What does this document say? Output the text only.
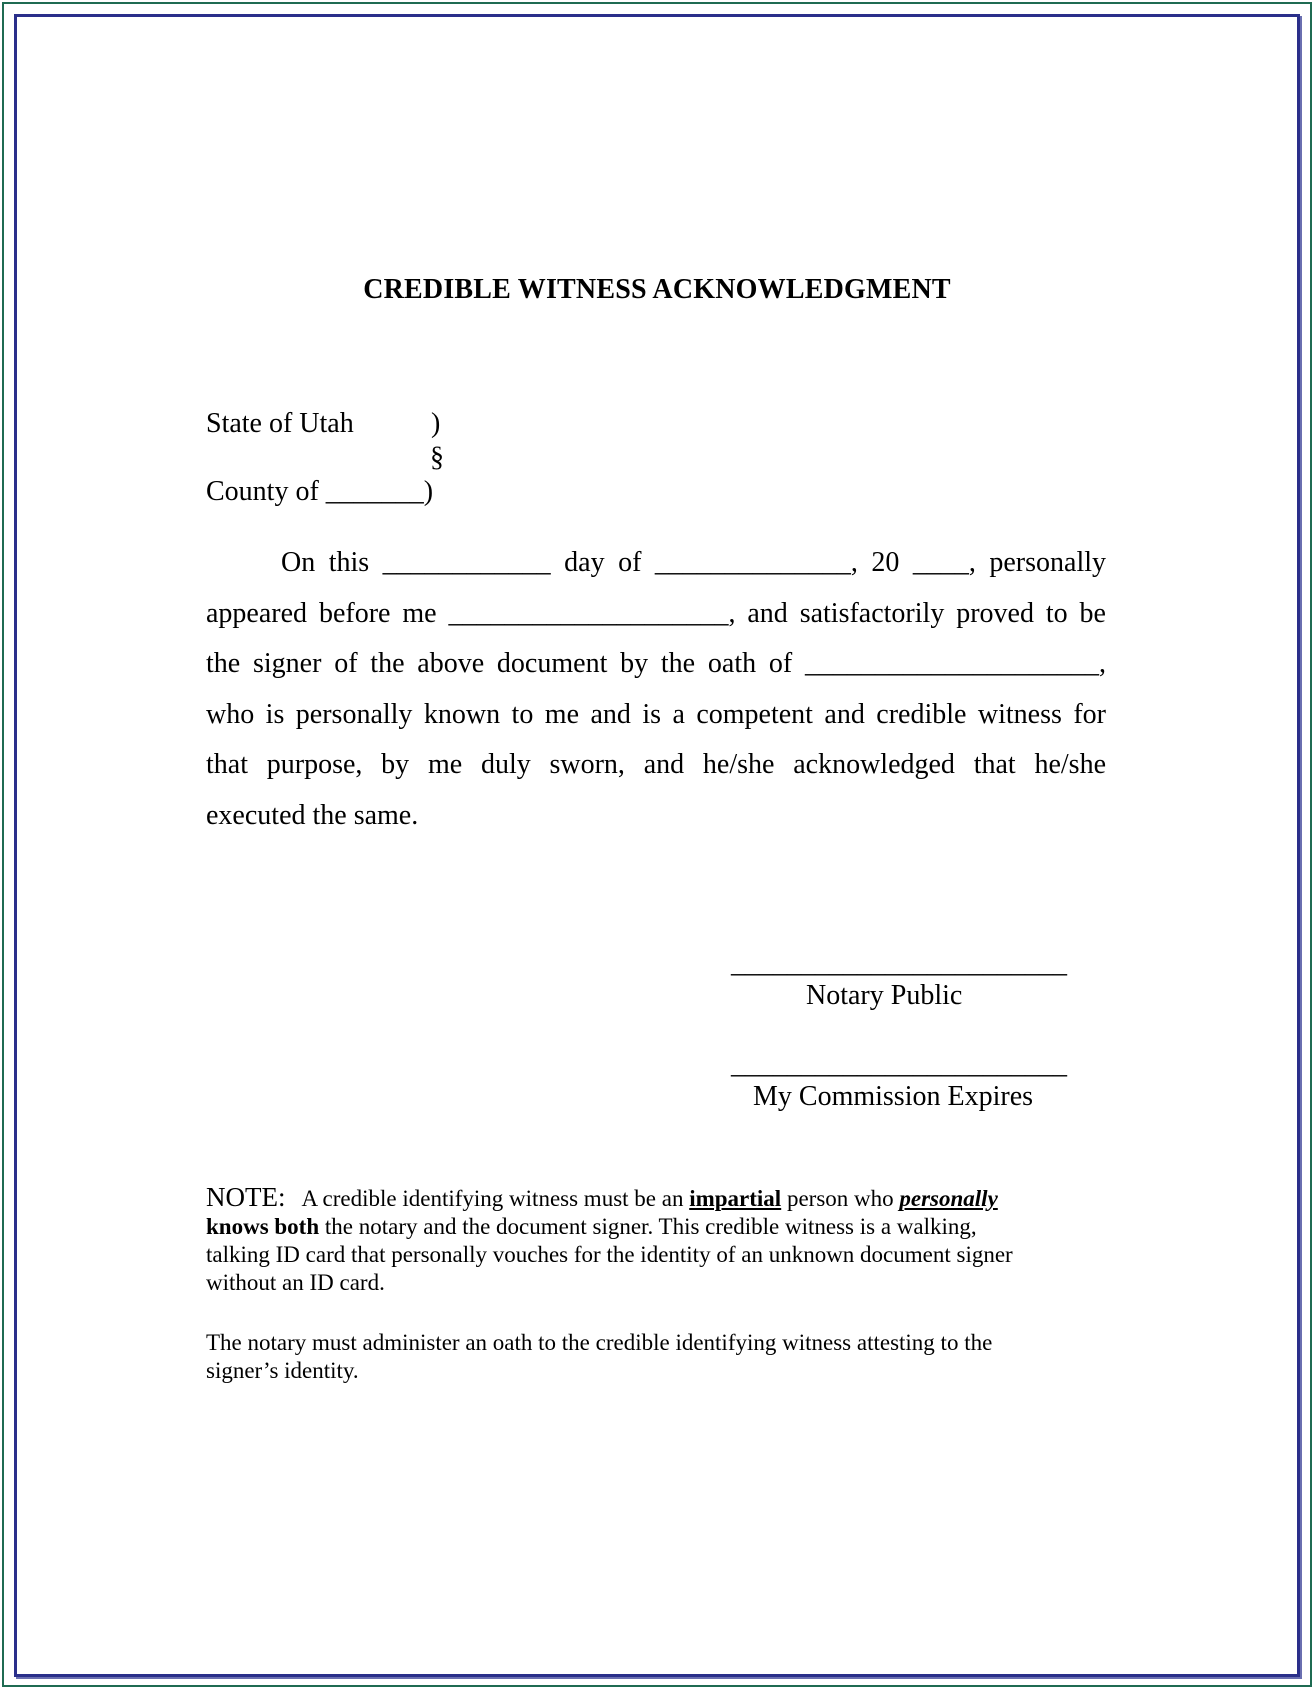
CREDIBLE WITNESS ACKNOWLEDGMENT
State of Utah	)
§
County of _______)
On this ____________ day of ______________, 20 ____, personally
appeared before me ____________________, and satisfactorily proved to be
the signer of the above document by the oath of _____________________,
who is personally known to me and is a competent and credible witness for
that purpose, by me duly sworn, and he/she acknowledged that he/she
executed the same.
________________________
Notary Public
________________________
My Commission Expires
NOTE: A credible identifying witness must be an impartial person who personally
knows both the notary and the document signer. This credible witness is a walking,
talking ID card that personally vouches for the identity of an unknown document signer
without an ID card.
The notary must administer an oath to the credible identifying witness attesting to the
signer’s identity.
